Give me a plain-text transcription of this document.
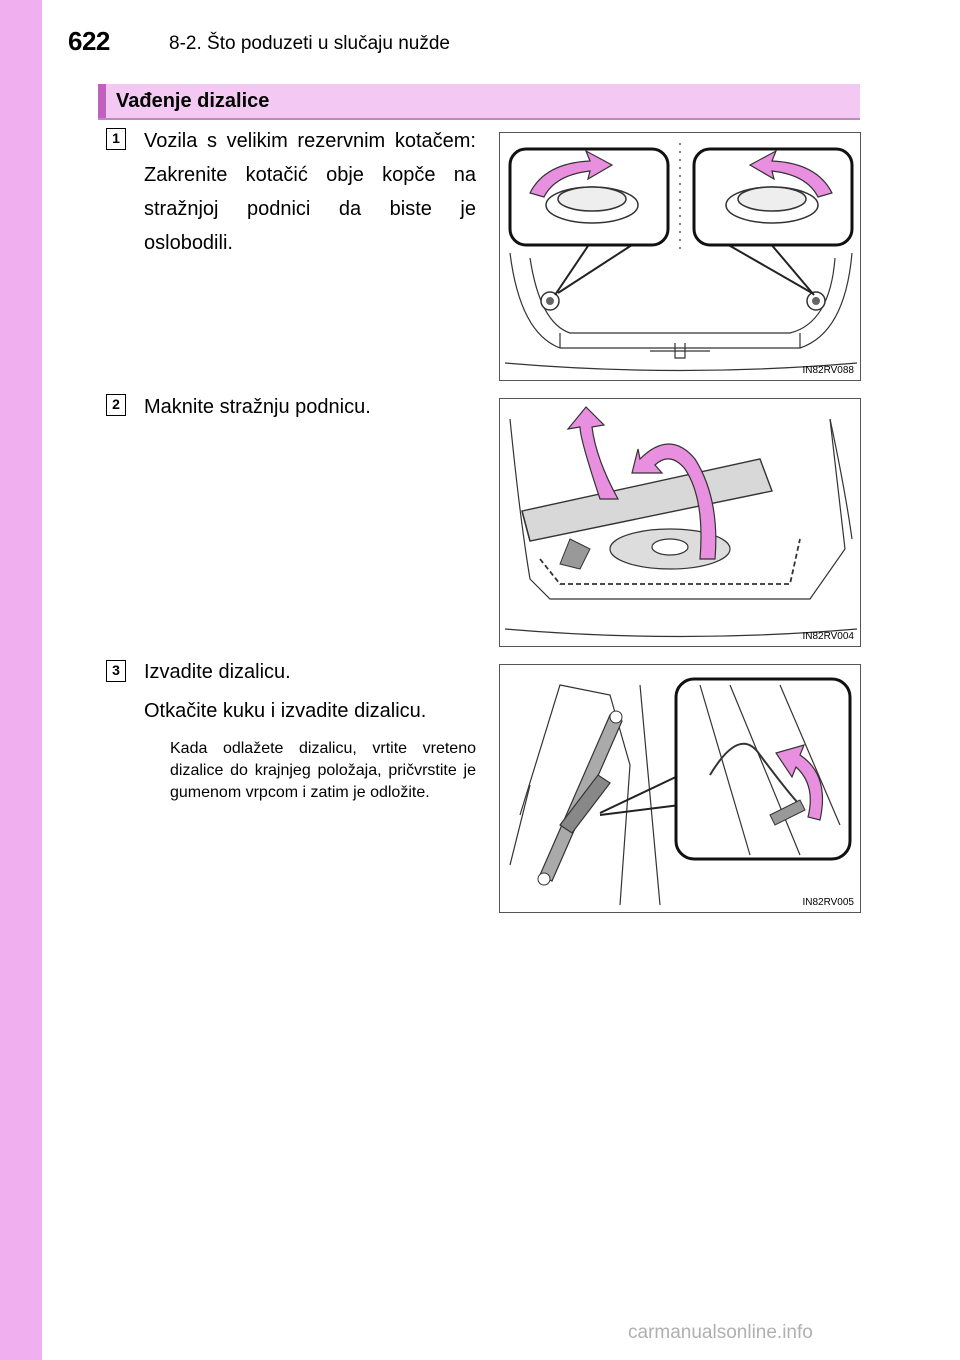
622	8-2. Što poduzeti u slučaju nužde
Vađenje dizalice
1	Vozila s velikim rezervnim kotačem: Zakrenite kotačić obje kopče na stražnjoj podnici da biste je oslobodili.
IN82RV088
2	Maknite stražnju podnicu.
IN82RV004
3	Izvadite dizalicu.
Otkačite kuku i izvadite dizalicu.
Kada odlažete dizalicu, vrtite vreteno dizalice do krajnjeg položaja, pričvrstite je gumenom vrpcom i zatim je odložite.
IN82RV005
carmanualsonline.info
